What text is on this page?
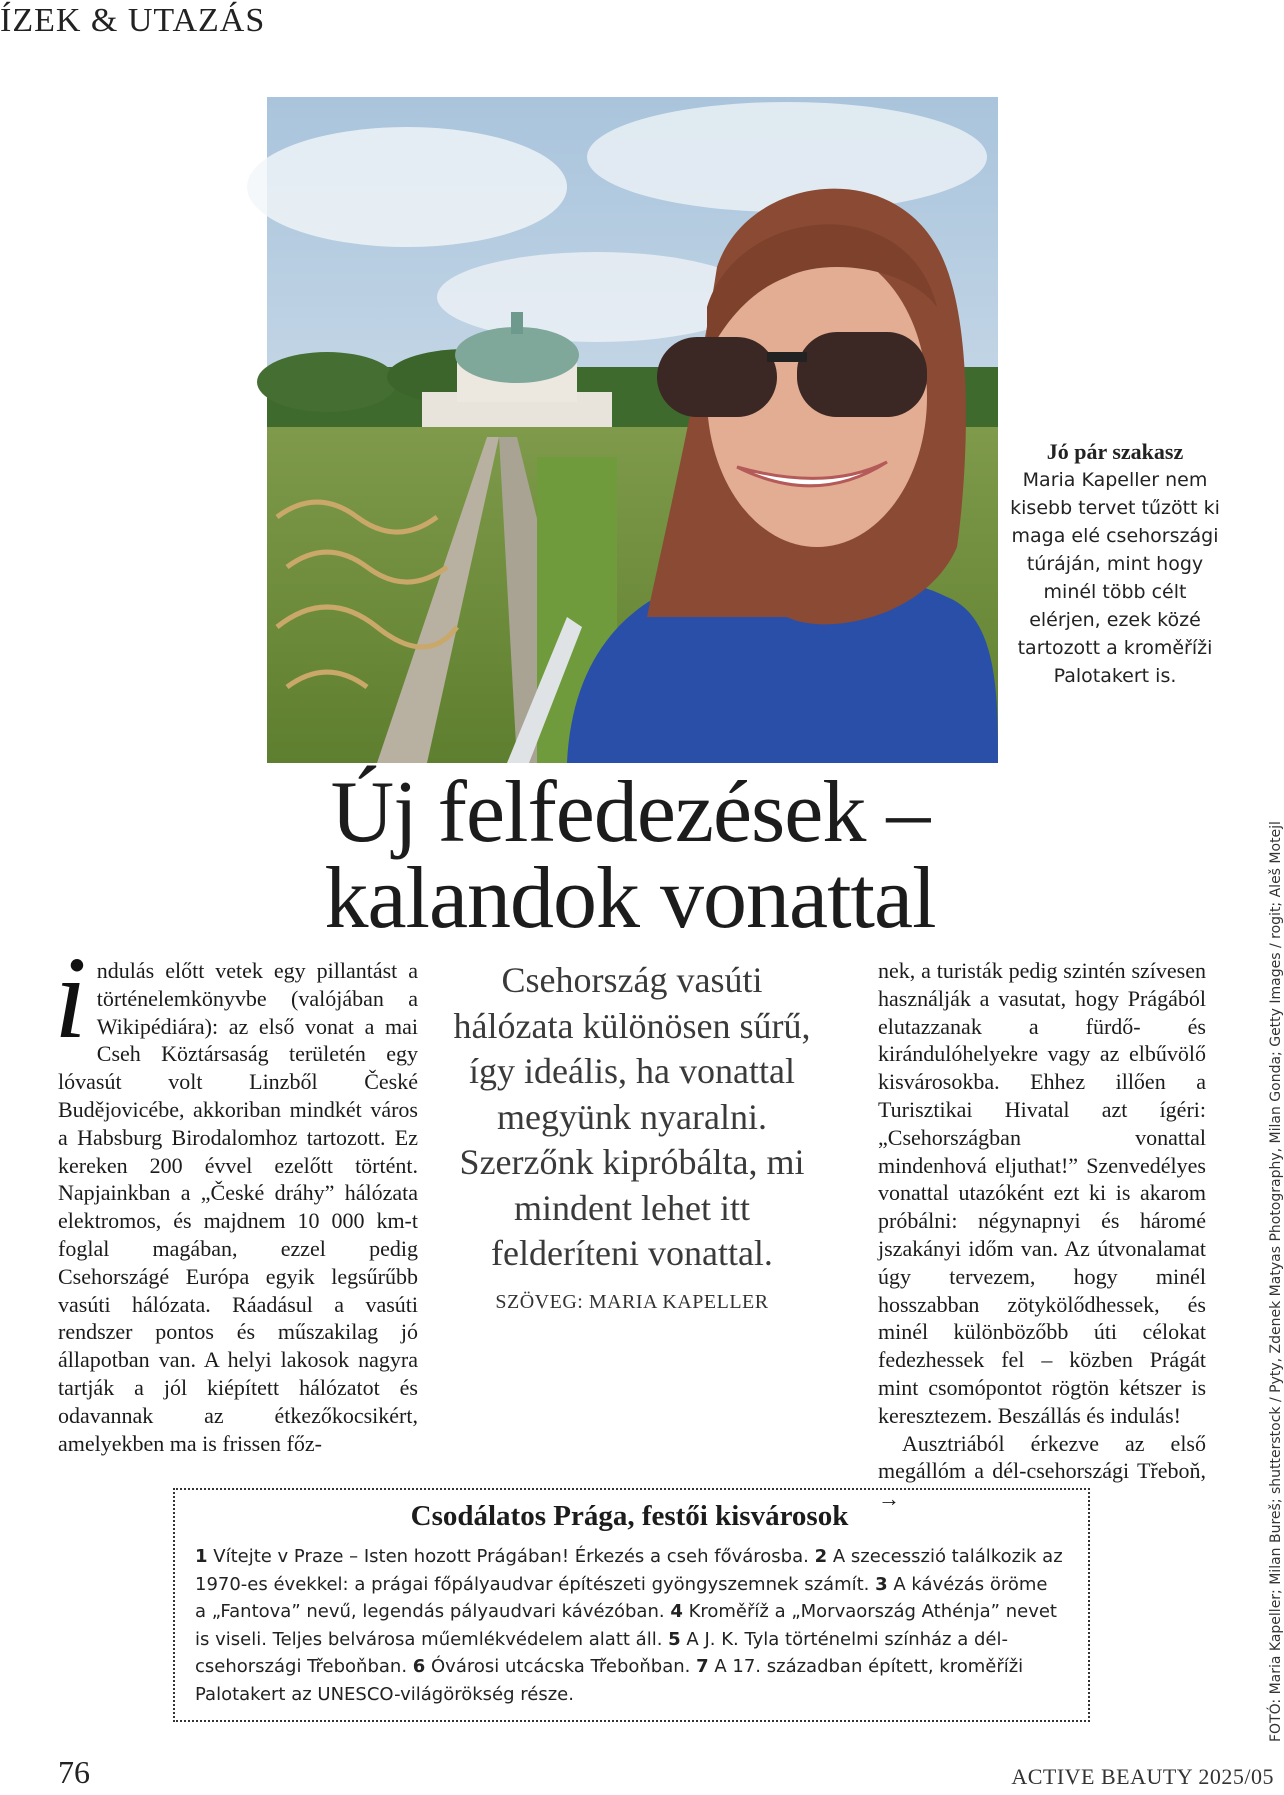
ÍZEK & UTAZÁS
Jó pár szakasz
Maria Kapeller nem kisebb tervet tűzött ki maga elé csehországi túráján, mint hogy minél több célt elérjen, ezek közé tartozott a kroměříži Palotakert is.
FOTÓ: Maria Kapeller; Milan Bureš; shutterstock / Pyty, Zdenek Matyas Photography, Milan Gonda; Getty Images / rogit; Aleš Motejl
Új felfedezések –
kalandok vonattal
indulás előtt vetek egy pillantást a történelemkönyvbe (valójában a Wikipédiára): az első vonat a mai Cseh Köztársaság területén egy lóvasút volt Linzből České Budějovicébe, akkoriban mindkét város a Habsburg Birodalomhoz tartozott. Ez kereken 200 évvel ezelőtt történt. Napjainkban a „České dráhy” hálózata elektromos, és majdnem 10 000 km-t foglal magában, ezzel pedig Csehországé Európa egyik legsűrűbb vasúti hálózata. Ráadásul a vasúti rendszer pontos és műszakilag jó állapotban van. A helyi lakosok nagyra tartják a jól kiépített hálózatot és odavannak az étkezőkocsikért, amelyekben ma is frissen főz-

Csehország vasúti hálózata különösen sűrű, így ideális, ha vonattal megyünk nyaralni. Szerzőnk kipróbálta, mi mindent lehet itt felderíteni vonattal.

SZÖVEG: MARIA KAPELLER

nek, a turisták pedig szintén szívesen használják a vasutat, hogy Prágából elutazzanak a fürdő- és kirándulóhelyekre vagy az elbűvölő kisvárosokba. Ehhez illően a Turisztikai Hivatal azt ígéri: „Csehországban vonattal mindenhová eljuthat!” Szenvedélyes vonattal utazóként ezt ki is akarom próbálni: négynapnyi és háromé jszakányi időm van. Az útvonalamat úgy tervezem, hogy minél hosszabban zötykölődhessek, és minél különbözőbb úti célokat fedezhessek fel – közben Prágát mint csomópontot rögtön kétszer is keresztezem. Beszállás és indulás!

Ausztriából érkezve az első megállóm a dél-csehországi Třeboň, →

Csodálatos Prága, festői kisvárosok
1 Vítejte v Praze – Isten hozott Prágában! Érkezés a cseh fővárosba. 2 A szecesszió találkozik az 1970-es évekkel: a prágai főpályaudvar építészeti gyöngyszemnek számít. 3 A kávézás öröme a „Fantova” nevű, legendás pályaudvari kávézóban. 4 Kroměříž a „Morvaország Athénja” nevet is viseli. Teljes belvárosa műemlékvédelem alatt áll. 5 A J. K. Tyla történelmi színház a dél-csehországi Třeboňban. 6 Óvárosi utcácska Třeboňban. 7 A 17. században épített, kroměříži Palotakert az UNESCO-világörökség része.
76	ACTIVE BEAUTY 2025/05
